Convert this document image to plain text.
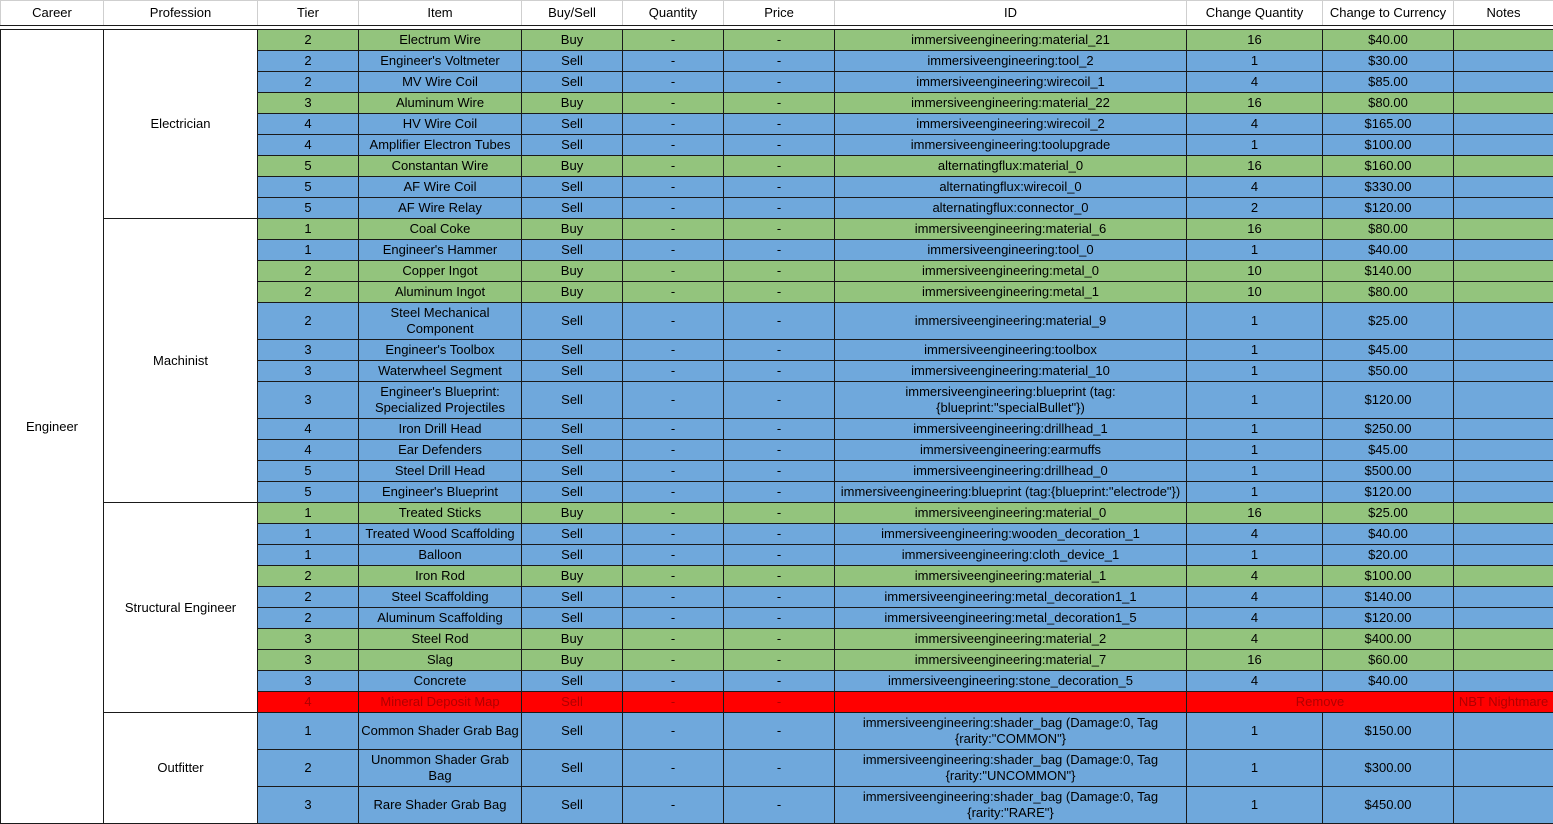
Career	Profession	Tier	Item	Buy/Sell	Quantity	Price	ID	Change Quantity	Change to Currency	Notes

Engineer	Electrician	2	Electrum Wire	Buy	-	-	immersiveengineering:material_21	16	$40.00	
		2	Engineer's Voltmeter	Sell	-	-	immersiveengineering:tool_2	1	$30.00	
		2	MV Wire Coil	Sell	-	-	immersiveengineering:wirecoil_1	4	$85.00	
		3	Aluminum Wire	Buy	-	-	immersiveengineering:material_22	16	$80.00	
		4	HV Wire Coil	Sell	-	-	immersiveengineering:wirecoil_2	4	$165.00	
		4	Amplifier Electron Tubes	Sell	-	-	immersiveengineering:toolupgrade	1	$100.00	
		5	Constantan Wire	Buy	-	-	alternatingflux:material_0	16	$160.00	
		5	AF Wire Coil	Sell	-	-	alternatingflux:wirecoil_0	4	$330.00	
		5	AF Wire Relay	Sell	-	-	alternatingflux:connector_0	2	$120.00	
	Machinist	1	Coal Coke	Buy	-	-	immersiveengineering:material_6	16	$80.00	
		1	Engineer's Hammer	Sell	-	-	immersiveengineering:tool_0	1	$40.00	
		2	Copper Ingot	Buy	-	-	immersiveengineering:metal_0	10	$140.00	
		2	Aluminum Ingot	Buy	-	-	immersiveengineering:metal_1	10	$80.00	
		2	Steel Mechanical Component	Sell	-	-	immersiveengineering:material_9	1	$25.00	
		3	Engineer's Toolbox	Sell	-	-	immersiveengineering:toolbox	1	$45.00	
		3	Waterwheel Segment	Sell	-	-	immersiveengineering:material_10	1	$50.00	
		3	Engineer's Blueprint: Specialized Projectiles	Sell	-	-	immersiveengineering:blueprint (tag:{blueprint:"specialBullet"})	1	$120.00	
		4	Iron Drill Head	Sell	-	-	immersiveengineering:drillhead_1	1	$250.00	
		4	Ear Defenders	Sell	-	-	immersiveengineering:earmuffs	1	$45.00	
		5	Steel Drill Head	Sell	-	-	immersiveengineering:drillhead_0	1	$500.00	
		5	Engineer's Blueprint	Sell	-	-	immersiveengineering:blueprint (tag:{blueprint:"electrode"})	1	$120.00	
	Structural Engineer	1	Treated Sticks	Buy	-	-	immersiveengineering:material_0	16	$25.00	
		1	Treated Wood Scaffolding	Sell	-	-	immersiveengineering:wooden_decoration_1	4	$40.00	
		1	Balloon	Sell	-	-	immersiveengineering:cloth_device_1	1	$20.00	
		2	Iron Rod	Buy	-	-	immersiveengineering:material_1	4	$100.00	
		2	Steel Scaffolding	Sell	-	-	immersiveengineering:metal_decoration1_1	4	$140.00	
		2	Aluminum Scaffolding	Sell	-	-	immersiveengineering:metal_decoration1_5	4	$120.00	
		3	Steel Rod	Buy	-	-	immersiveengineering:material_2	4	$400.00	
		3	Slag	Buy	-	-	immersiveengineering:material_7	16	$60.00	
		3	Concrete	Sell	-	-	immersiveengineering:stone_decoration_5	4	$40.00	
		4	Mineral Deposit Map	Sell	-	-		Remove		NBT Nightmare
	Outfitter	1	Common Shader Grab Bag	Sell	-	-	immersiveengineering:shader_bag (Damage:0, Tag {rarity:"COMMON"}	1	$150.00	
		2	Unommon Shader Grab Bag	Sell	-	-	immersiveengineering:shader_bag (Damage:0, Tag {rarity:"UNCOMMON"}	1	$300.00	
		3	Rare Shader Grab Bag	Sell	-	-	immersiveengineering:shader_bag (Damage:0, Tag {rarity:"RARE"}	1	$450.00	
